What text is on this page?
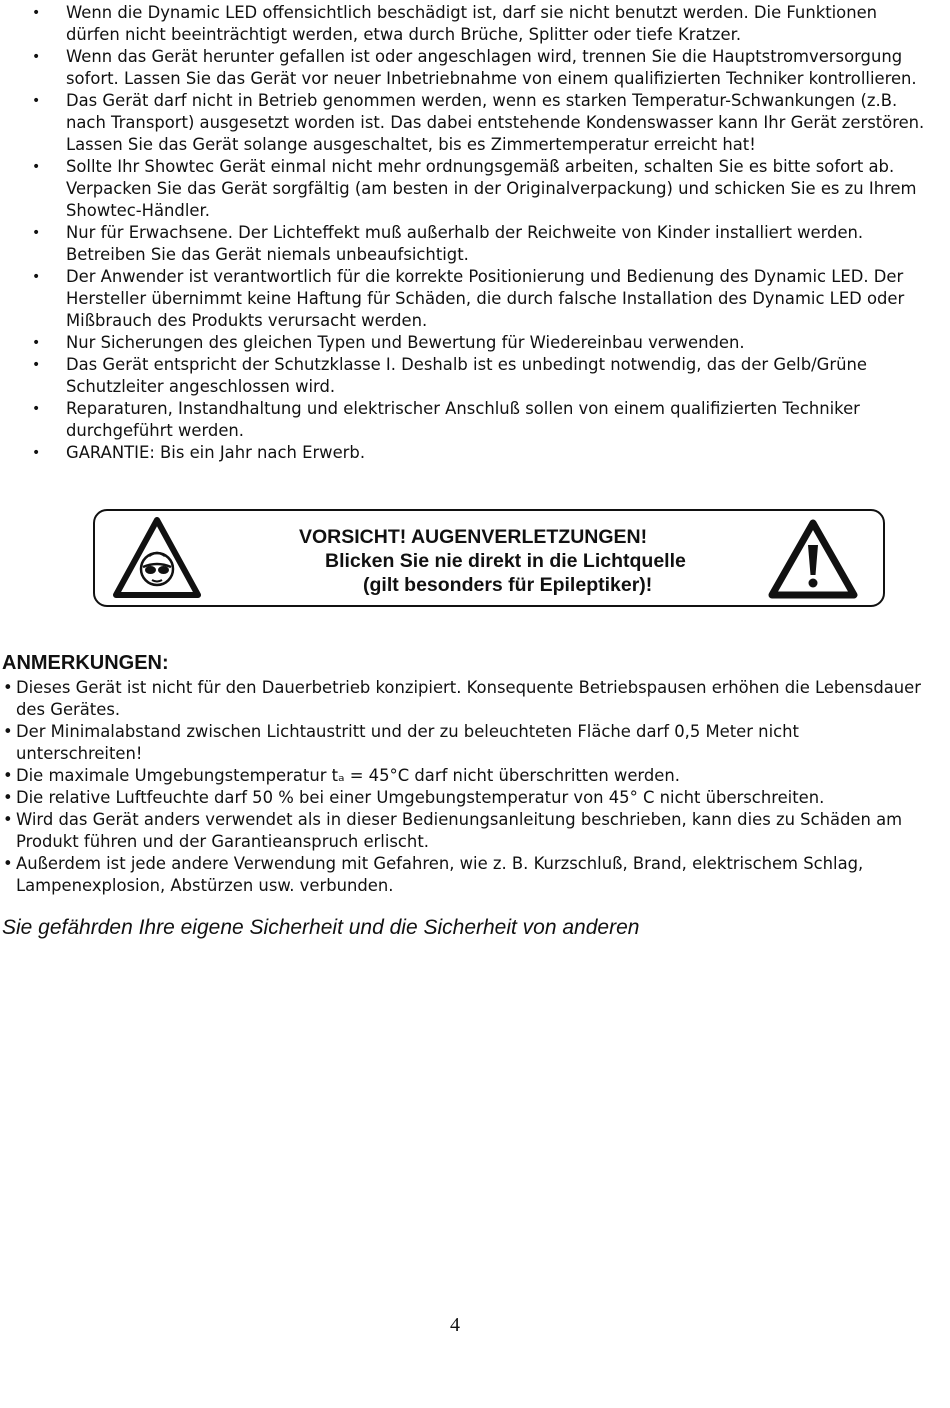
• Wenn die Dynamic LED offensichtlich beschädigt ist, darf sie nicht benutzt werden. Die Funktionen dürfen nicht beeinträchtigt werden, etwa durch Brüche, Splitter oder tiefe Kratzer.
• Wenn das Gerät herunter gefallen ist oder angeschlagen wird, trennen Sie die Hauptstromversorgung sofort. Lassen Sie das Gerät vor neuer Inbetriebnahme von einem qualifizierten Techniker kontrollieren.
• Das Gerät darf nicht in Betrieb genommen werden, wenn es starken Temperatur-Schwankungen (z.B. nach Transport) ausgesetzt worden ist. Das dabei entstehende Kondenswasser kann Ihr Gerät zerstören. Lassen Sie das Gerät solange ausgeschaltet, bis es Zimmertemperatur erreicht hat!
• Sollte Ihr Showtec Gerät einmal nicht mehr ordnungsgemäß arbeiten, schalten Sie es bitte sofort ab. Verpacken Sie das Gerät sorgfältig (am besten in der Originalverpackung) und schicken Sie es zu Ihrem Showtec-Händler.
• Nur für Erwachsene. Der Lichteffekt muß außerhalb der Reichweite von Kinder installiert werden. Betreiben Sie das Gerät niemals unbeaufsichtigt.
• Der Anwender ist verantwortlich für die korrekte Positionierung und Bedienung des Dynamic LED. Der Hersteller übernimmt keine Haftung für Schäden, die durch falsche Installation des Dynamic LED oder Mißbrauch des Produkts verursacht werden.
• Nur Sicherungen des gleichen Typen und Bewertung für Wiedereinbau verwenden.
• Das Gerät entspricht der Schutzklasse I. Deshalb ist es unbedingt notwendig, das der Gelb/Grüne Schutzleiter angeschlossen wird.
• Reparaturen, Instandhaltung und elektrischer Anschluß sollen von einem qualifizierten Techniker durchgeführt werden.
• GARANTIE: Bis ein Jahr nach Erwerb.
VORSICHT! AUGENVERLETZUNGEN!
Blicken Sie nie direkt in die Lichtquelle
(gilt besonders für Epileptiker)!
ANMERKUNGEN:
• Dieses Gerät ist nicht für den Dauerbetrieb konzipiert. Konsequente Betriebspausen erhöhen die Lebensdauer des Gerätes.
• Der Minimalabstand zwischen Lichtaustritt und der zu beleuchteten Fläche darf 0,5 Meter nicht unterschreiten!
• Die maximale Umgebungstemperatur tₐ = 45°C darf nicht überschritten werden.
• Die relative Luftfeuchte darf 50 % bei einer Umgebungstemperatur von 45° C nicht überschreiten.
• Wird das Gerät anders verwendet als in dieser Bedienungsanleitung beschrieben, kann dies zu Schäden am Produkt führen und der Garantieanspruch erlischt.
• Außerdem ist jede andere Verwendung mit Gefahren, wie z. B. Kurzschluß, Brand, elektrischem Schlag, Lampenexplosion, Abstürzen usw. verbunden.
Sie gefährden Ihre eigene Sicherheit und die Sicherheit von anderen
4
